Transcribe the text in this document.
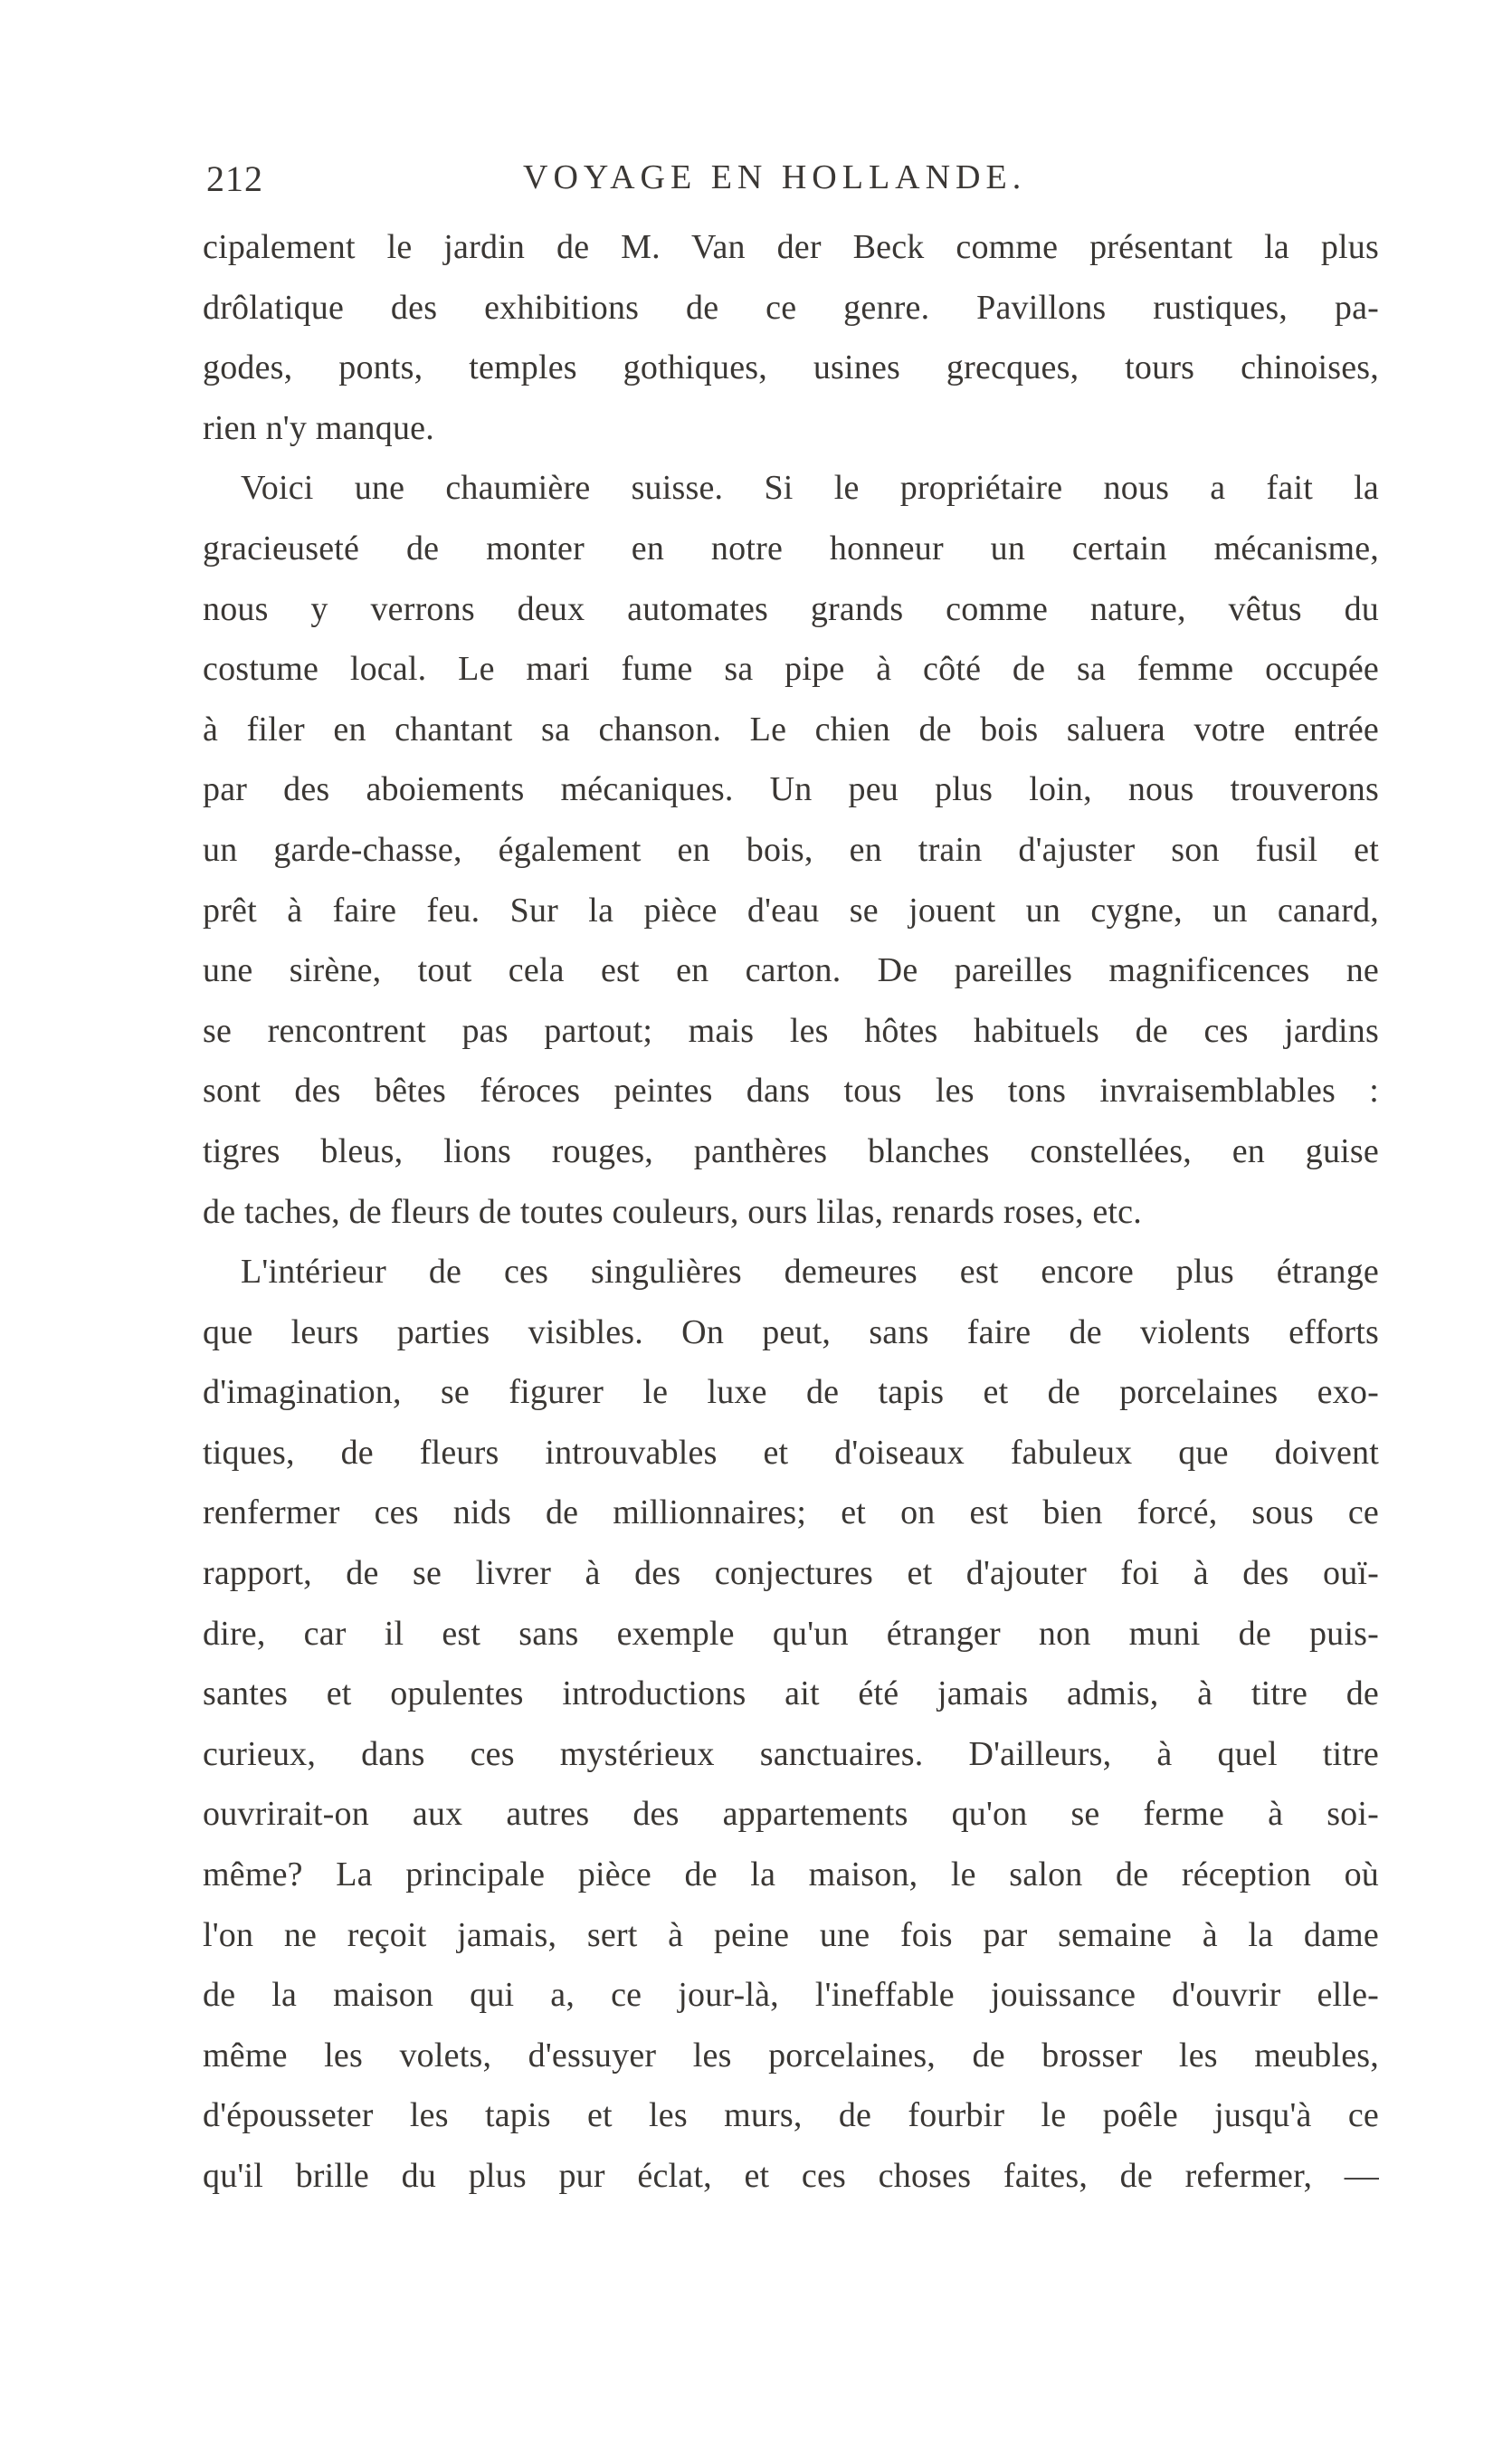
212	VOYAGE EN HOLLANDE.
cipalement le jardin de M. Van der Beck comme présentant la plus
drôlatique des exhibitions de ce genre. Pavillons rustiques, pa-
godes, ponts, temples gothiques, usines grecques, tours chinoises,
rien n'y manque.
Voici une chaumière suisse. Si le propriétaire nous a fait la
gracieuseté de monter en notre honneur un certain mécanisme,
nous y verrons deux automates grands comme nature, vêtus du
costume local. Le mari fume sa pipe à côté de sa femme occupée
à filer en chantant sa chanson. Le chien de bois saluera votre entrée
par des aboiements mécaniques. Un peu plus loin, nous trouverons
un garde-chasse, également en bois, en train d'ajuster son fusil et
prêt à faire feu. Sur la pièce d'eau se jouent un cygne, un canard,
une sirène, tout cela est en carton. De pareilles magnificences ne
se rencontrent pas partout; mais les hôtes habituels de ces jardins
sont des bêtes féroces peintes dans tous les tons invraisemblables :
tigres bleus, lions rouges, panthères blanches constellées, en guise
de taches, de fleurs de toutes couleurs, ours lilas, renards roses, etc.
L'intérieur de ces singulières demeures est encore plus étrange
que leurs parties visibles. On peut, sans faire de violents efforts
d'imagination, se figurer le luxe de tapis et de porcelaines exo-
tiques, de fleurs introuvables et d'oiseaux fabuleux que doivent
renfermer ces nids de millionnaires; et on est bien forcé, sous ce
rapport, de se livrer à des conjectures et d'ajouter foi à des ouï-
dire, car il est sans exemple qu'un étranger non muni de puis-
santes et opulentes introductions ait été jamais admis, à titre de
curieux, dans ces mystérieux sanctuaires. D'ailleurs, à quel titre
ouvrirait-on aux autres des appartements qu'on se ferme à soi-
même? La principale pièce de la maison, le salon de réception où
l'on ne reçoit jamais, sert à peine une fois par semaine à la dame
de la maison qui a, ce jour-là, l'ineffable jouissance d'ouvrir elle-
même les volets, d'essuyer les porcelaines, de brosser les meubles,
d'épousseter les tapis et les murs, de fourbir le poêle jusqu'à ce
qu'il brille du plus pur éclat, et ces choses faites, de refermer, —
